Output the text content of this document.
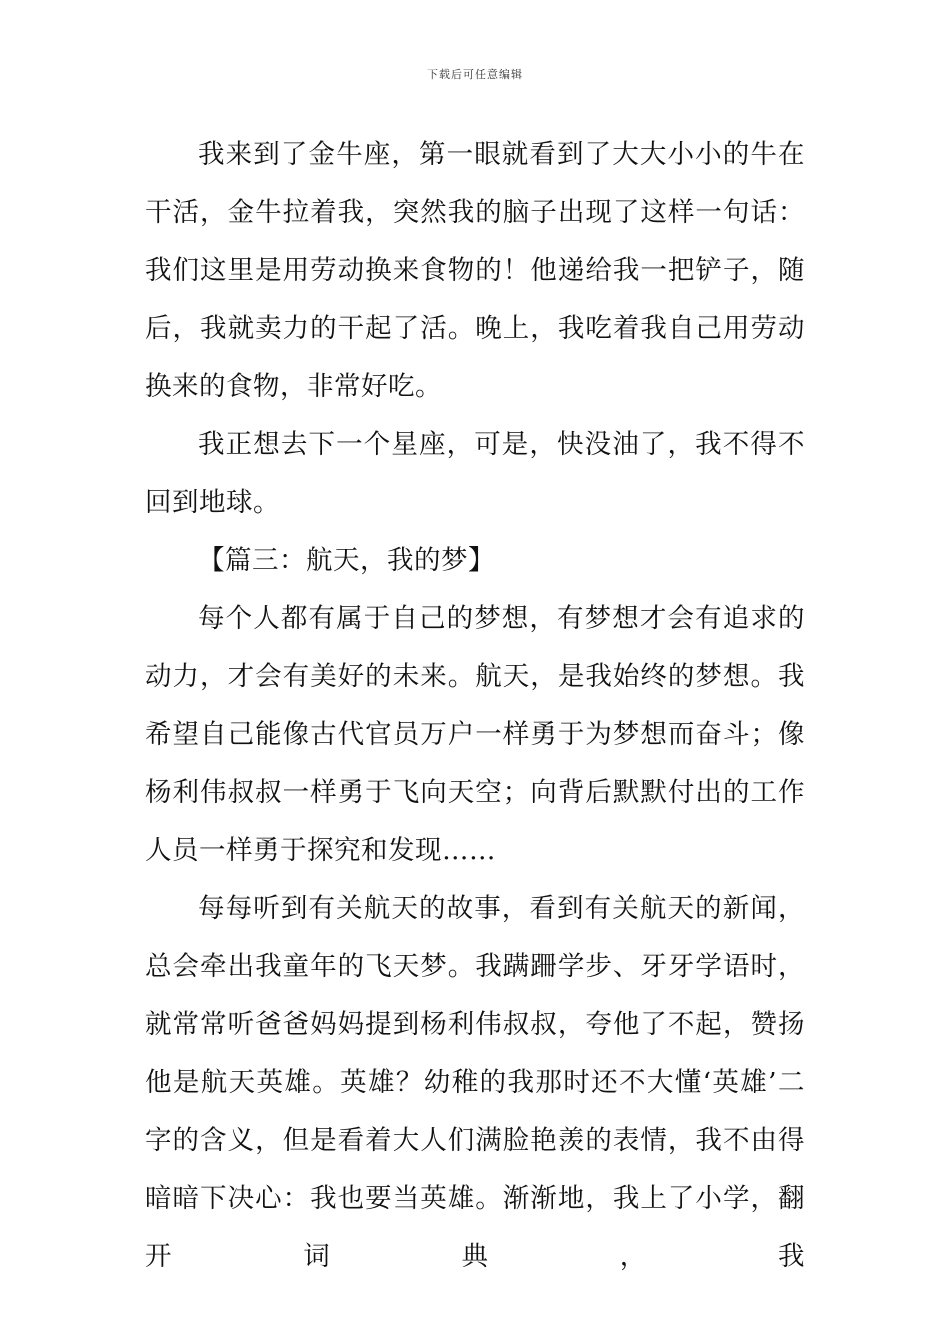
下载后可任意编辑

我来到了金牛座，第一眼就看到了大大小小的牛在干活，金牛拉着我，突然我的脑子出现了这样一句话：我们这里是用劳动换来食物的！他递给我一把铲子，随后，我就卖力的干起了活。晚上，我吃着我自己用劳动换来的食物，非常好吃。

我正想去下一个星座，可是，快没油了，我不得不回到地球。

【篇三：航天，我的梦】

每个人都有属于自己的梦想，有梦想才会有追求的动力，才会有美好的未来。航天，是我始终的梦想。我希望自己能像古代官员万户一样勇于为梦想而奋斗；像杨利伟叔叔一样勇于飞向天空；向背后默默付出的工作人员一样勇于探究和发现……

每每听到有关航天的故事，看到有关航天的新闻，总会牵出我童年的飞天梦。我蹒跚学步、牙牙学语时，就常常听爸爸妈妈提到杨利伟叔叔，夸他了不起，赞扬他是航天英雄。英雄？幼稚的我那时还不大懂‘英雄’二字的含义，但是看着大人们满脸艳羡的表情，我不由得暗暗下决心：我也要当英雄。渐渐地，我上了小学，翻开词典，我
